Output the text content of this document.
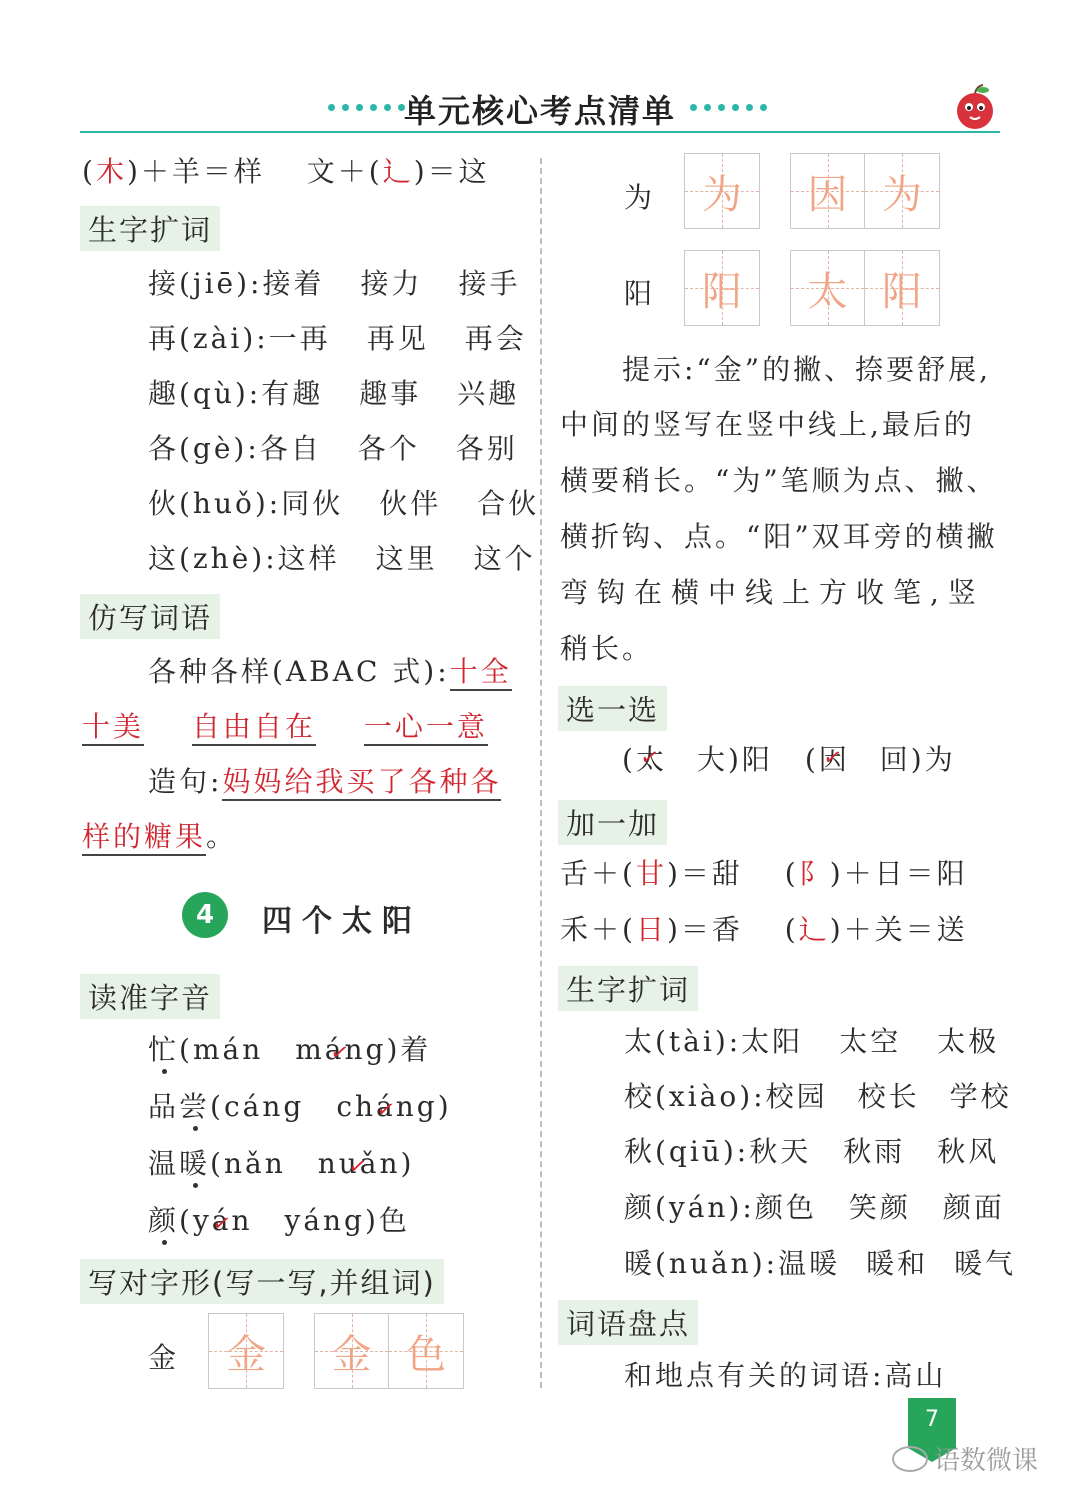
单元核心考点清单
(木)＋羊＝样 文＋(辶)＝这
生字扩词
接(jiē):接着 接力 接手
再(zài):一再 再见 再会
趣(qù):有趣 趣事 兴趣
各(gè):各自 各个 各别
伙(huǒ):同伙 伙伴 合伙
这(zhè):这样 这里 这个
仿写词语
各种各样(ABAC 式):十全
十美 自由自在 一心一意
造句:妈妈给我买了各种各
样的糖果。
4	四个太阳
读准字音
忙(mán máng ✓)着
品尝(cáng cháng ✓)
温暖(nǎn nuǎn ✓)
颜(yán ✓ yáng)色
写对字形(写一写,并组词)
金 金 金 色
为 为 因 为
阳 阳 太 阳
提示:“金”的撇、捺要舒展,
中间的竖写在竖中线上,最后的
横要稍长。“为”笔顺为点、撇、
横折钩、点。“阳”双耳旁的横撇
弯钩在横中线上方收笔,竖
稍长。
选一选
(太 ✓ 大)阳 (因 ✓ 回)为
加一加
舌＋(甘)＝甜 (阝)＋日＝阳
禾＋(日)＝香 (辶)＋关＝送
生字扩词
太(tài):太阳 太空 太极
校(xiào):校园 校长 学校
秋(qiū):秋天 秋雨 秋风
颜(yán):颜色 笑颜 颜面
暖(nuǎn):温暖 暖和 暖气
词语盘点
和地点有关的词语:高山
7
语数微课
